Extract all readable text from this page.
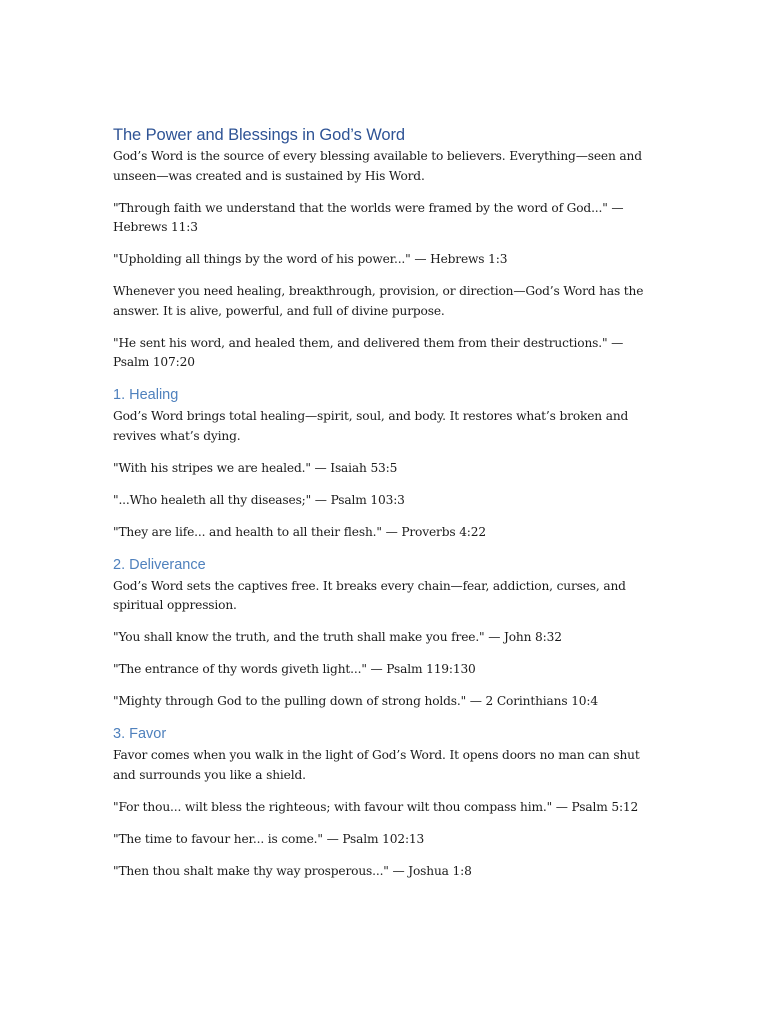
The Power and Blessings in God’s Word

God’s Word is the source of every blessing available to believers. Everything—seen and unseen—was created and is sustained by His Word.

"Through faith we understand that the worlds were framed by the word of God..." — Hebrews 11:3

"Upholding all things by the word of his power..." — Hebrews 1:3

Whenever you need healing, breakthrough, provision, or direction—God’s Word has the answer. It is alive, powerful, and full of divine purpose.

"He sent his word, and healed them, and delivered them from their destructions." — Psalm 107:20

1. Healing

God’s Word brings total healing—spirit, soul, and body. It restores what’s broken and revives what’s dying.

"With his stripes we are healed." — Isaiah 53:5

"...Who healeth all thy diseases;" — Psalm 103:3

"They are life... and health to all their flesh." — Proverbs 4:22

2. Deliverance

God’s Word sets the captives free. It breaks every chain—fear, addiction, curses, and spiritual oppression.

"You shall know the truth, and the truth shall make you free." — John 8:32

"The entrance of thy words giveth light..." — Psalm 119:130

"Mighty through God to the pulling down of strong holds." — 2 Corinthians 10:4

3. Favor

Favor comes when you walk in the light of God’s Word. It opens doors no man can shut and surrounds you like a shield.

"For thou... wilt bless the righteous; with favour wilt thou compass him." — Psalm 5:12

"The time to favour her... is come." — Psalm 102:13

"Then thou shalt make thy way prosperous..." — Joshua 1:8
